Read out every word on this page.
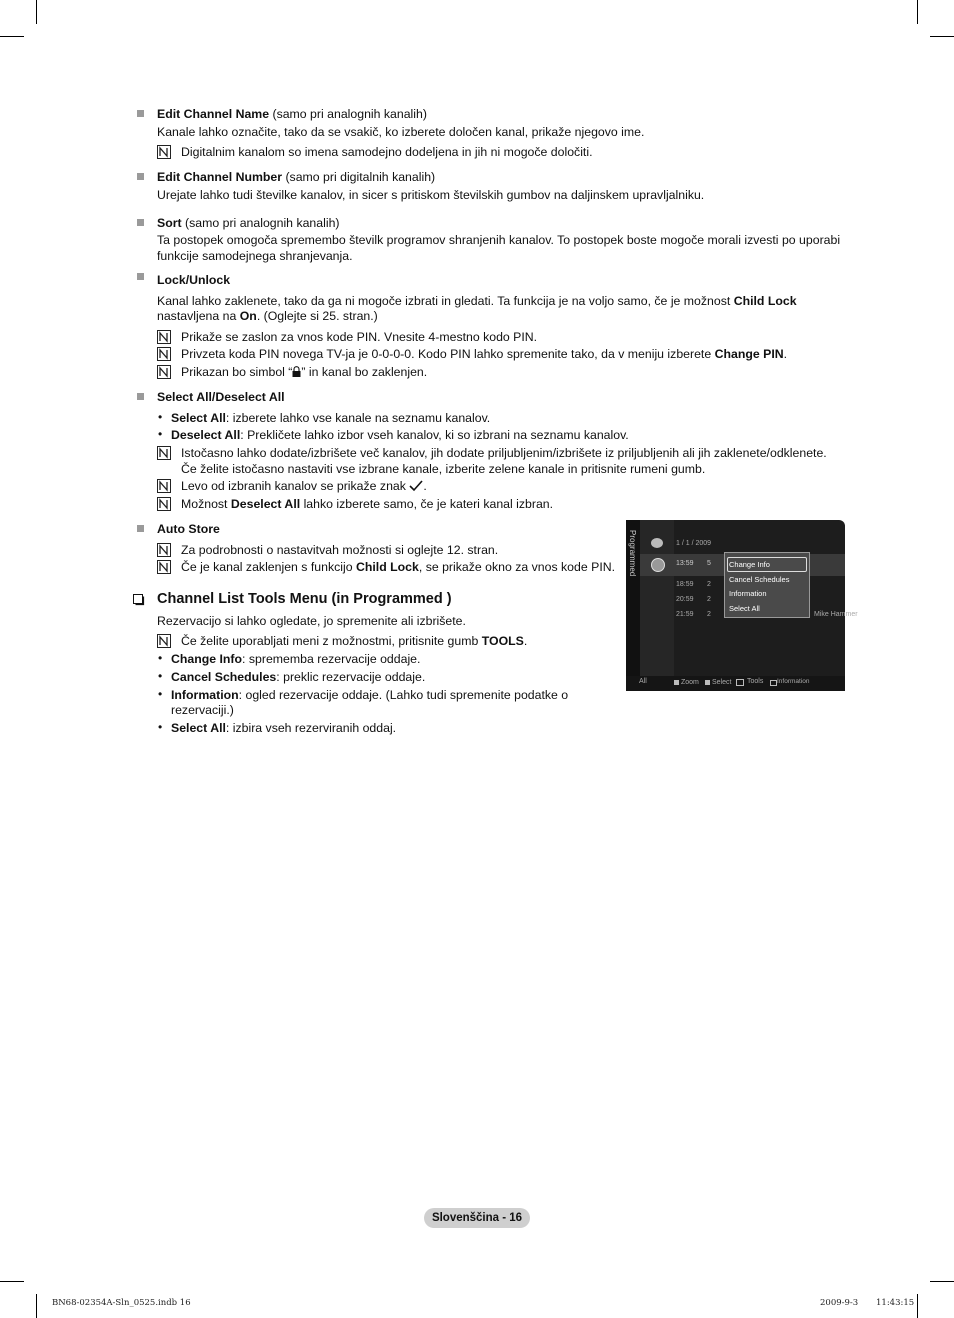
Edit Channel Name (samo pri analognih kanalih)
Kanale lahko označite, tako da se vsakič, ko izberete določen kanal, prikaže njegovo ime.
Digitalnim kanalom so imena samodejno dodeljena in jih ni mogoče določiti.
Edit Channel Number (samo pri digitalnih kanalih)
Urejate lahko tudi številke kanalov, in sicer s pritiskom številskih gumbov na daljinskem upravljalniku.
Sort (samo pri analognih kanalih)
Ta postopek omogoča spremembo številk programov shranjenih kanalov. To postopek boste mogoče morali izvesti po uporabi
funkcije samodejnega shranjevanja.
Lock/Unlock
Kanal lahko zaklenete, tako da ga ni mogoče izbrati in gledati. Ta funkcija je na voljo samo, če je možnost Child Lock
nastavljena na On. (Oglejte si 25. stran.)
Prikaže se zaslon za vnos kode PIN. Vnesite 4-mestno kodo PIN.
Privzeta koda PIN novega TV-ja je 0-0-0-0. Kodo PIN lahko spremenite tako, da v meniju izberete Change PIN.
Prikazan bo simbol “ ” in kanal bo zaklenjen.
Select All/Deselect All
• Select All: izberete lahko vse kanale na seznamu kanalov.
• Deselect All: Prekličete lahko izbor vseh kanalov, ki so izbrani na seznamu kanalov.
Istočasno lahko dodate/izbrišete več kanalov, jih dodate priljubljenim/izbrišete iz priljubljenih ali jih zaklenete/odklenete.
Če želite istočasno nastaviti vse izbrane kanale, izberite zelene kanale in pritisnite rumeni gumb.
Levo od izbranih kanalov se prikaže znak .
Možnost Deselect All lahko izberete samo, če je kateri kanal izbran.
Auto Store
Za podrobnosti o nastavitvah možnosti si oglejte 12. stran.
Če je kanal zaklenjen s funkcijo Child Lock, se prikaže okno za vnos kode PIN.
Channel List Tools Menu (in Programmed )
Rezervacijo si lahko ogledate, jo spremenite ali izbrišete.
Če želite uporabljati meni z možnostmi, pritisnite gumb TOOLS.
• Change Info: sprememba rezervacije oddaje.
• Cancel Schedules: preklic rezervacije oddaje.
• Information: ogled rezervacije oddaje. (Lahko tudi spremenite podatke o
rezervaciji.)
• Select All: izbira vseh rezerviranih oddaj.
Programmed	1 / 1 / 2009
13:59 5
18:59 2
20:59 2
21:59 2	Mike Hammer
Change Info
Cancel Schedules
Information
Select All
All	Zoom Select Tools Information
Slovenščina - 16
BN68-02354A-Sln_0525.indb 16	2009-9-3 11:43:15
